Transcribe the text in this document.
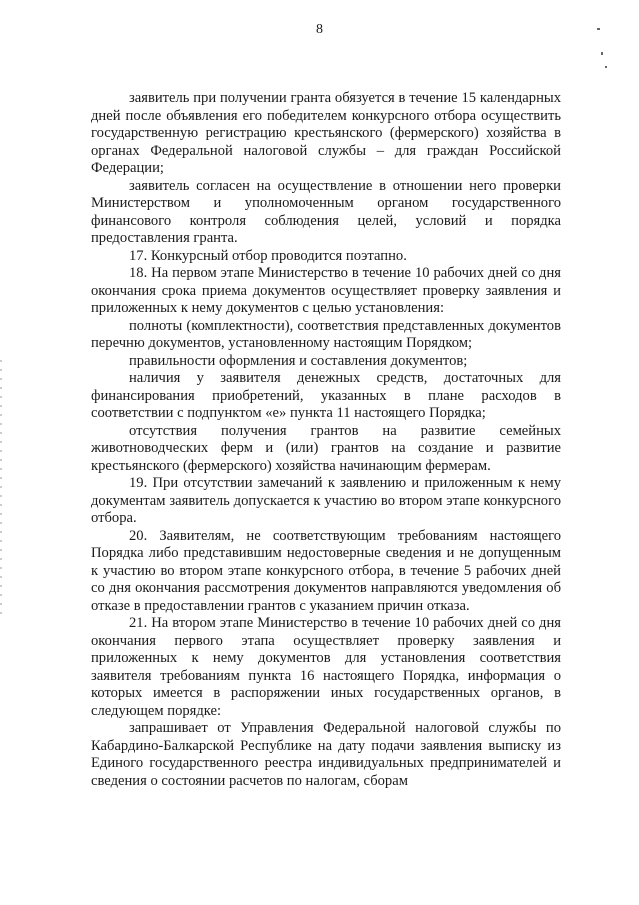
8

заявитель при получении гранта обязуется в течение 15 календарных дней после объявления его победителем конкурсного отбора осуществить государственную регистрацию крестьянского (фермерского) хозяйства в органах Федеральной налоговой службы – для граждан Российской Федерации;

заявитель согласен на осуществление в отношении него проверки Министерством и уполномоченным органом государственного финансового контроля соблюдения целей, условий и порядка предоставления гранта.

17. Конкурсный отбор проводится поэтапно.

18. На первом этапе Министерство в течение 10 рабочих дней со дня окончания срока приема документов осуществляет проверку заявления и приложенных к нему документов с целью установления:

полноты (комплектности), соответствия представленных документов перечню документов, установленному настоящим Порядком;

правильности оформления и составления документов;

наличия у заявителя денежных средств, достаточных для финансирования приобретений, указанных в плане расходов в соответствии с подпунктом «е» пункта 11 настоящего Порядка;

отсутствия получения грантов на развитие семейных животноводческих ферм и (или) грантов на создание и развитие крестьянского (фермерского) хозяйства начинающим фермерам.

19. При отсутствии замечаний к заявлению и приложенным к нему документам заявитель допускается к участию во втором этапе конкурсного отбора.

20. Заявителям, не соответствующим требованиям настоящего Порядка либо представившим недостоверные сведения и не допущенным к участию во втором этапе конкурсного отбора, в течение 5 рабочих дней со дня окончания рассмотрения документов направляются уведомления об отказе в предоставлении грантов с указанием причин отказа.

21. На втором этапе Министерство в течение 10 рабочих дней со дня окончания первого этапа осуществляет проверку заявления и приложенных к нему документов для установления соответствия заявителя требованиям пункта 16 настоящего Порядка, информация о которых имеется в распоряжении иных государственных органов, в следующем порядке:

запрашивает от Управления Федеральной налоговой службы по Кабардино-Балкарской Республике на дату подачи заявления выписку из Единого государственного реестра индивидуальных предпринимателей и сведения о состоянии расчетов по налогам, сборам
